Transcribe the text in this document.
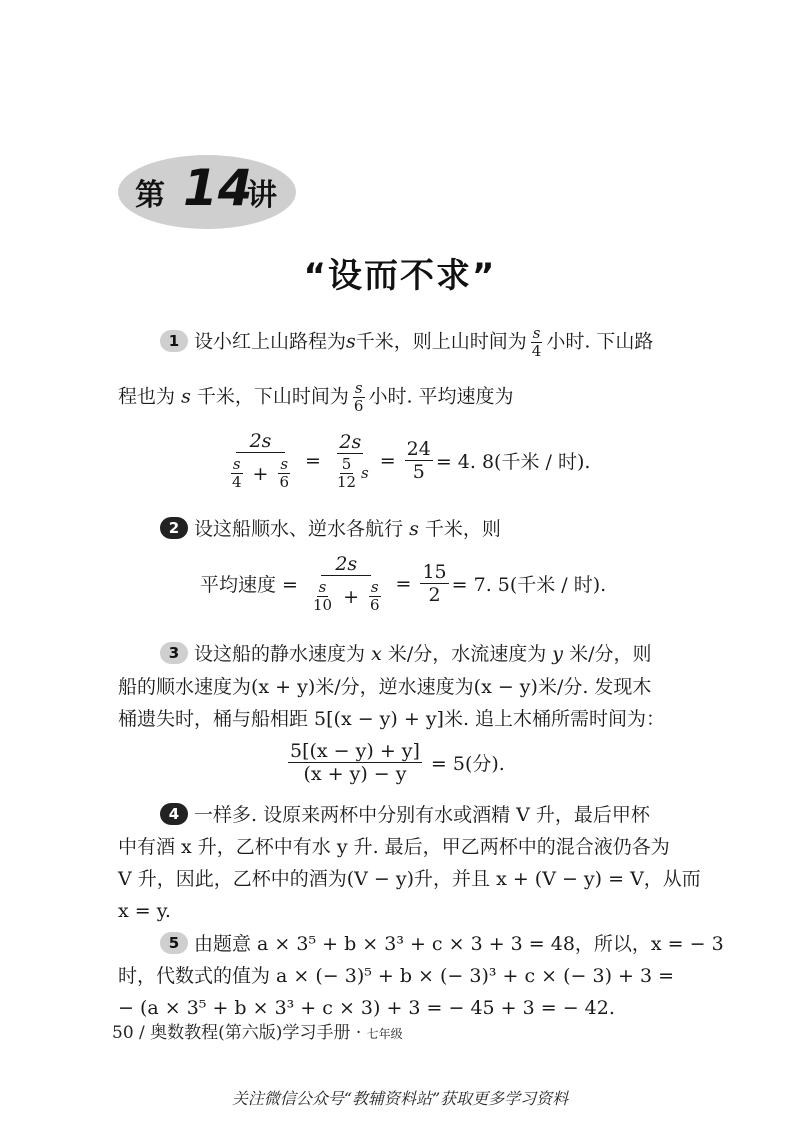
第 14
讲
“设而不求”
1 设小红上山路程为s千米，则上山时间为 $\frac{s}{4}$ 小时. 下山路
程也为 s 千米，下山时间为 $\frac{s}{6}$ 小时. 平均速度为
$\frac{2s}{\frac{s}{4} + \frac{s}{6}} = \frac{2s}{\frac{5}{12} s} = \frac{24}{5} = 4$. 8(千米 / 时).
2 设这船顺水、逆水各航行 s 千米，则
平均速度 = $\frac{2s}{\frac{s}{10} + \frac{s}{6}} = \frac{15}{2} = 7$. 5(千米 / 时).
3 设这船的静水速度为 x 米/分，水流速度为 y 米/分，则
船的顺水速度为(x + y)米/分，逆水速度为(x − y)米/分. 发现木
桶遗失时，桶与船相距 5[(x − y) + y]米. 追上木桶所需时间为：
$\frac{5[(x - y) + y]}{(x + y) - y} = 5$(分).
4 一样多. 设原来两杯中分别有水或酒精 V 升，最后甲杯
中有酒 x 升，乙杯中有水 y 升. 最后，甲乙两杯中的混合液仍各为
V 升，因此，乙杯中的酒为(V − y)升，并且 x + (V − y) = V，从而
x = y.
5 由题意 a × 3⁵ + b × 3³ + c × 3 + 3 = 48，所以，x = − 3
时，代数式的值为 a × (− 3)⁵ + b × (− 3)³ + c × (− 3) + 3 =
− (a × 3⁵ + b × 3³ + c × 3) + 3 = − 45 + 3 = − 42.
50 / 奥数教程(第六版)学习手册 · 七年级
关注微信公众号“教辅资料站”获取更多学习资料
